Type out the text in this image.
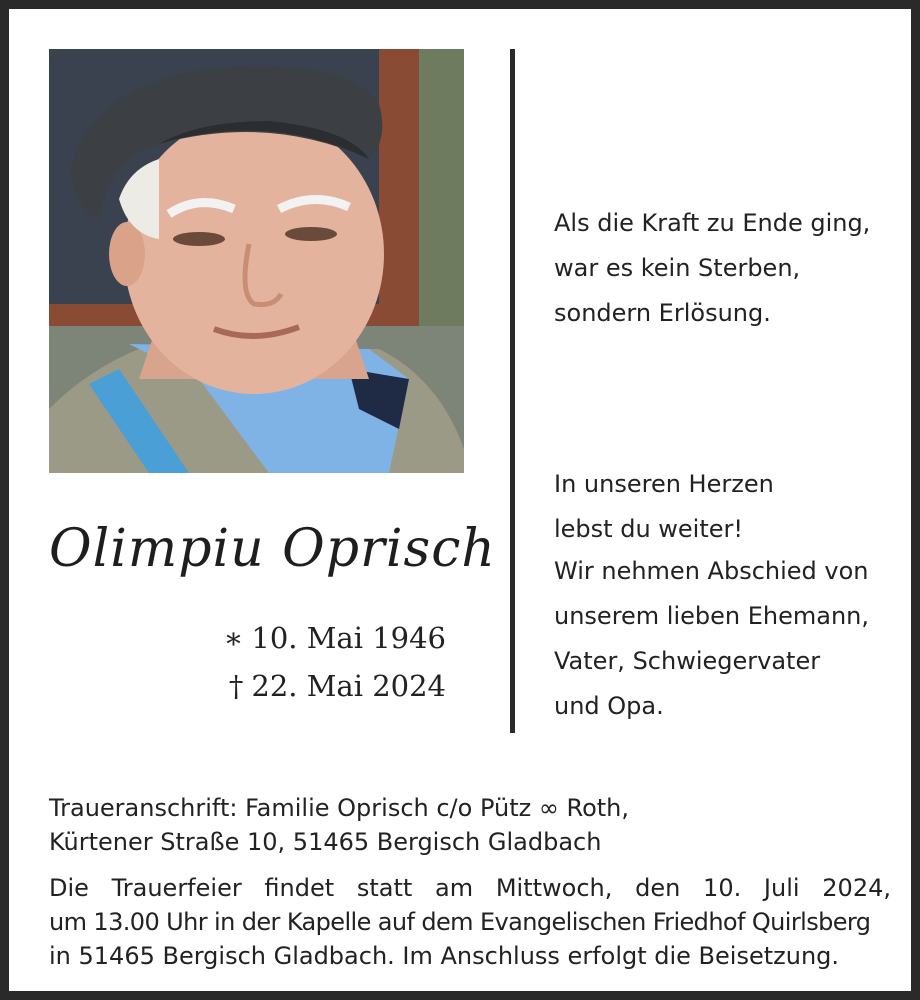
Olimpiu Oprisch
∗ 10. Mai 1946
† 22. Mai 2024
Als die Kraft zu Ende ging,
war es kein Sterben,
sondern Erlösung.
In unseren Herzen
lebst du weiter!
Wir nehmen Abschied von
unserem lieben Ehemann,
Vater, Schwiegervater
und Opa.
Traueranschrift: Familie Oprisch c/o Pütz ∞ Roth,
Kürtener Straße 10, 51465 Bergisch Gladbach
Die Trauerfeier findet statt am Mittwoch, den 10. Juli 2024,
um 13.00 Uhr in der Kapelle auf dem Evangelischen Friedhof Quirlsberg
in 51465 Bergisch Gladbach. Im Anschluss erfolgt die Beisetzung.
